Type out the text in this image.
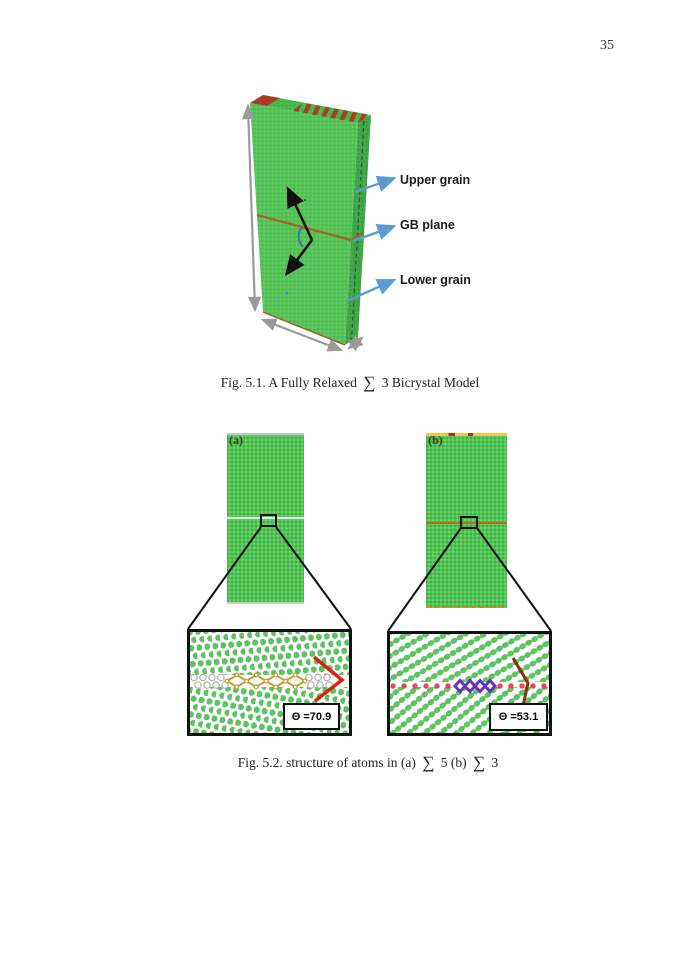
35
Upper grain
GB plane
Lower grain
Fig. 5.1. A Fully Relaxed ∑ 3 Bicrystal Model
(a)	(b)
Θ =70.9	Θ =53.1
Fig. 5.2. structure of atoms in (a) ∑ 5 (b) ∑ 3
